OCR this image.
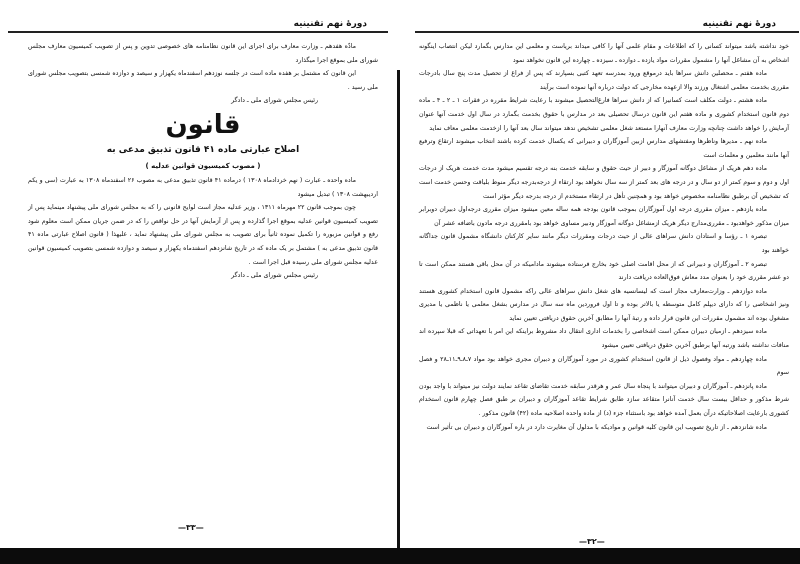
دورهٔ نهم تقنینیه

مادّه هفدهم ـ وزارت معارف برای اجرای این قانون نظامنامه های خصوصی تدوین و پس از تصویب کمیسیون معارف مجلس شورای ملی بموقع اجرا میگذارد

این قانون که مشتمل بر هفده ماده است در جلسه نوزدهم اسفندماه یکهزار و سیصد و دوازده شمسی بتصویب مجلس شورای ملی رسید .

رئیس مجلس شورای ملی ـ دادگر

قانون

اصلاح عبارتی ماده ۴۱ قانون تذبیق مدعی به

( مصوب کمیسیون قوانین عدلیه )

ماده واحده ـ عبارت ( نهم خردادماه ۱۳۰۸ ) درماده ۴۱ قانون تذبیق مدعی به مصوب ۲۶ اسفندماه ۱۳۰۸ به عبارت (سی و یکم اردیبهشت ۱۳۰۸ ) تبدیل میشود

چون بموجب قانون ۲۲ مهرماه ۱۳۱۱ ، وزیر عدلیه مجاز است لوایح قانونی را که به مجلس شورای ملی پیشنهاد مینماید پس از تصویب کمیسیون قوانین عدلیه بموقع اجرا گذارده و پس از آزمایش آنها در حل نواقص را که در ضمن جریان ممکن است معلوم شود رفع و قوانین مزبوره را تکمیل نموده ثانیاً برای تصویب به مجلس شورای ملی پیشنهاد نماید ، علیهذا ( قانون اصلاح عبارتی ماده ۴۱ قانون تذبیق مدعی به ) مشتمل بر یک ماده که در تاریخ شانزدهم اسفندماه یکهزار و سیصد و دوازده شمسی بتصویب کمیسیون قوانین عدلیه مجلس شورای ملی رسیده قبل اجرا است .

رئیس مجلس شورای ملی ـ دادگر

—۳۳—
دورهٔ نهم تقنینیه

خود نداشته باشد میتواند کسانی را که اطلاعات و مقام علمی آنها را کافی میداند بریاست و معلمی این مدارس بگمارد لیکن انتصاب اینگونه اشخاص به آن مشاغل آنها را مشمول مقررات مواد یازده ـ دوازده ـ سیزده ـ چهارده این قانون نخواهد نمود

ماده هفتم ـ محصلین دانش سراها باید درموقع ورود بمدرسه تعهد کتبی بسپارند که پس از فراغ از تحصیل مدت پنج سال بادرجات مقرری بخدمت معلمی اشتغال ورزند والا ازعهده مخارجی که دولت درباره آنها نموده است برآیند

ماده هشتم ـ دولت مکلف است کسانیرا که از دانش سراها فارغ‌التحصیل میشوند با رعایت شرایط مقرره در فقرات ۱ ـ ۲ ـ ۴ ـ ماده دوم قانون استخدام کشوری و ماده هفتم این قانون درسال تحصیلی بعد در مدارس با حقوق بخدمت بگمارد در سال اول خدمت آنها عنوان آزمایش را خواهد داشت چنانچه وزارت معارف آنهارا مستعد شغل معلمی تشخیص ندهد میتواند سال بعد آنها را ازخدمت معلمی معاف نماید

ماده نهم ـ مدیرها وناظرها ومفتشهای مدارس ازبین آموزگاران و دبیرانی که یکسال خدمت کرده باشند انتخاب میشوند ارتقاع وترفیع آنها مانند معلمین و معلمات است

ماده دهم هریک از مشاغل دوگانه آموزگار و دبیر از حیث حقوق و سابقه خدمت بنه درجه تقسیم میشود مدت خدمت هریک از درجات اول و دوم و سوم کمتر از دو سال و در درجه های بعد کمتر از سه سال نخواهد بود ارتقاء از درجه‌بدرجه دیگر منوط بلیاقت وحسن خدمت است که تشخیص آن برطبق نظامنامه مخصوص خواهد بود و همچنین تأهل در ارتقاء مستخدم از درجه بدرجه دیگر مؤثر است

ماده یازدهم ـ میزان مقرری درجه اول آموزگاران بموجب قانون بودجه همه ساله معین میشود میزان مقرری درجه‌اول دبیران دوبرابر میزان مذکور خواهدبود ـ مقرری‌مدارج دیگر هریک ازمشاغل دوگانه آموزگار ودبیر مساوی خواهد بود بامقرری درجه مادون باضافه عشر آن

تبصره ۱ ـ رؤسا و استادان دانش سراهای عالی از حیث درجات ومقررات دیگر مانند سایر کارکنان دانشگاه مشمول قانون جداگانه خواهند بود

تبصره ۲ ـ آموزگاران و دبیرانی که از محل اقامت اصلی خود بخارج فرستاده میشوند مادامیکه در آن محل باقی هستند ممکن است تا دو عشر مقرری خود را بعنوان مدد معاش فوق‌العاده دریافت دارند

ماده دوازدهم ـ وزارت‌معارف مجاز است که لیسانسیه های شغل دانش سراهای عالی راکه مشمول قانون استخدام کشوری هستند ونیز اشخاصی را که دارای دیپلم کامل متوسطه یا بالاتر بوده و تا اول فروردین ماه سه سال در مدارس بشغل معلمی یا ناظمی یا مدیری مشغول بوده اند مشمول مقررات این قانون قرار داده و رتبهٔ آنها را مطابق آخرین حقوق دریافتی تعیین نماید

ماده سیزدهم ـ ازمیان دبیران ممکن است اشخاصی را بخدمات اداری انتقال داد مشروط براینکه این امر با تعهداتی که قبلا سپرده اند منافات نداشته باشد ورتبه آنها برطبق آخرین حقوق دریافتی تعیین میشود

ماده چهاردهم ـ مواد وفصول ذیل از قانون استخدام کشوری در مورد آموزگاران و دبیران مجری خواهد بود مواد ۷ـ۸ـ۹ـ۱۱ـ۲۸ و فصل سوم

ماده پانزدهم ـ آموزگاران و دبیران میتوانند با پنجاه سال عمر و هرقدر سابقه خدمت تقاضای تقاعد نمایند دولت نیز میتواند با واجد بودن شرط مذکور و حداقل بیست سال خدمت آنانرا متقاعد سازد طابق شرایط تقاعد آموزگاران و دبیران بر طبق فصل چهارم قانون استخدام کشوری بارعایت اصلاحاتیکه درآن بعمل آمده خواهد بود باستثناء جزء (د) از ماده واحده اصلاحیه ماده (۴۲) قانون مذکور .

ماده شانزدهم ـ از تاریخ تصویب این قانون کلیه قوانین و موادیکه با مدلول آن مغایرت دارد در باره آموزگاران و دبیران بی تأثیر است

—۳۲—
